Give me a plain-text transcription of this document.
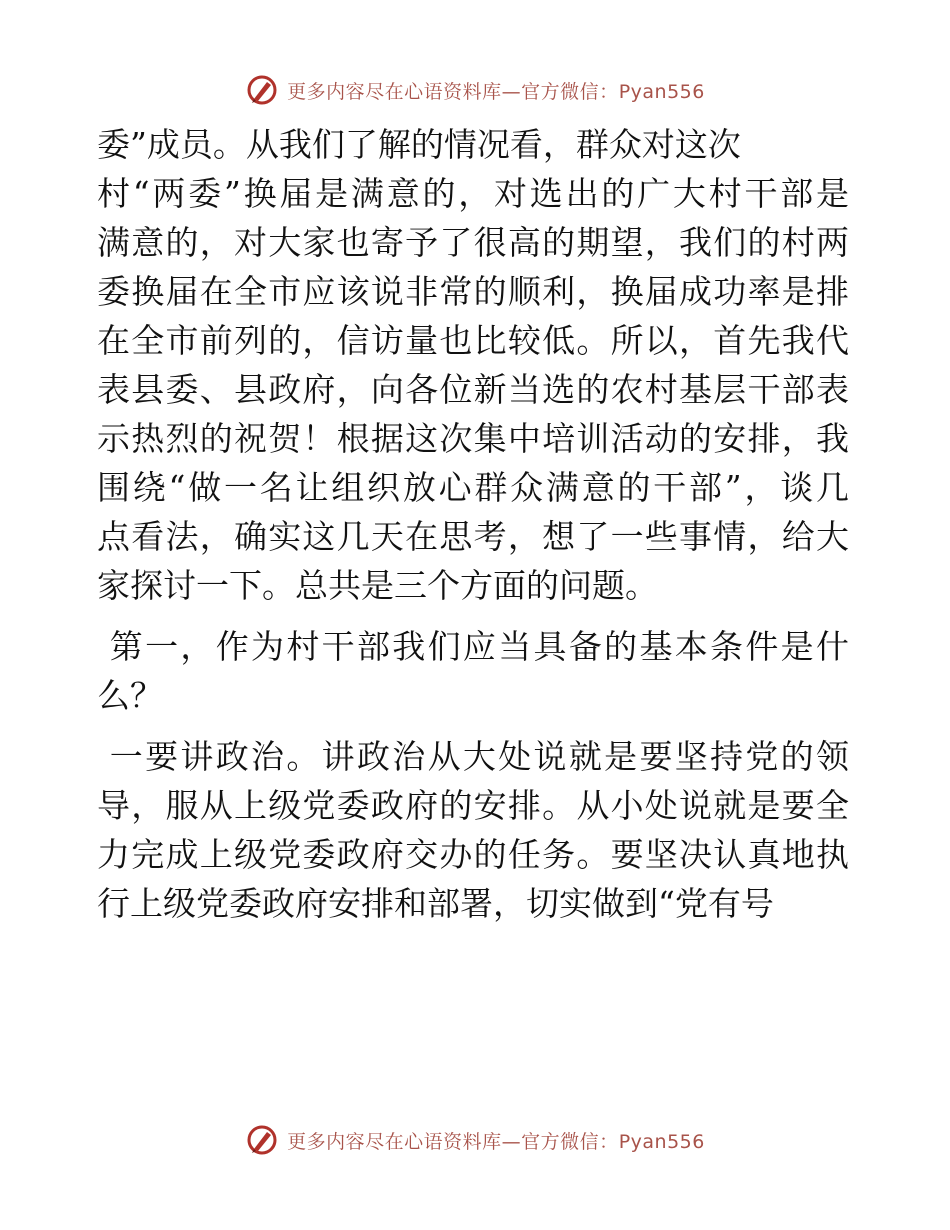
更多内容尽在心语资料库—官方微信：Pyan556
委”成员。从我们了解的情况看，群众对这次
村“两委”换届是满意的，对选出的广大村干部是
满意的，对大家也寄予了很高的期望，我们的村两
委换届在全市应该说非常的顺利，换届成功率是排
在全市前列的，信访量也比较低。所以，首先我代
表县委、县政府，向各位新当选的农村基层干部表
示热烈的祝贺！根据这次集中培训活动的安排，我
围绕“做一名让组织放心群众满意的干部”，谈几
点看法，确实这几天在思考，想了一些事情，给大
家探讨一下。总共是三个方面的问题。
第一，作为村干部我们应当具备的基本条件是什
么？
一要讲政治。讲政治从大处说就是要坚持党的领
导，服从上级党委政府的安排。从小处说就是要全
力完成上级党委政府交办的任务。要坚决认真地执
行上级党委政府安排和部署，切实做到“党有号
更多内容尽在心语资料库—官方微信：Pyan556
